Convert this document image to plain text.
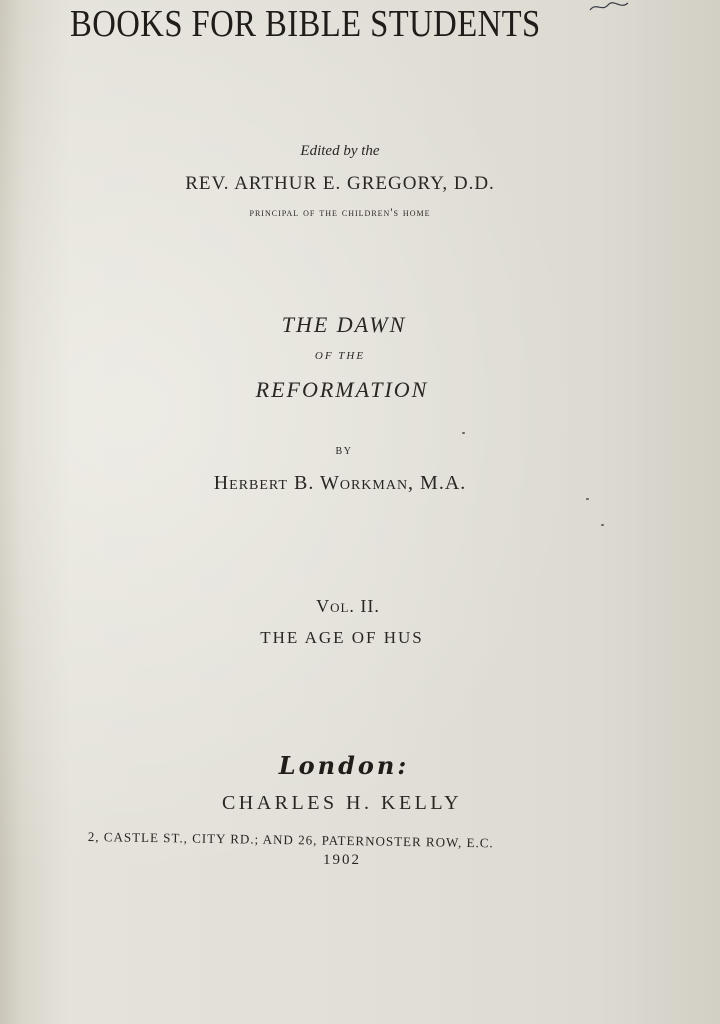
BOOKS FOR BIBLE STUDENTS
Edited by the
REV. ARTHUR E. GREGORY, D.D.
principal of the children's home
THE DAWN
OF THE
REFORMATION
BY
Herbert B. Workman, M.A.
Vol. II.
THE AGE OF HUS
London:
CHARLES H. KELLY
2, CASTLE ST., CITY RD.; AND 26, PATERNOSTER ROW, E.C.
1902
